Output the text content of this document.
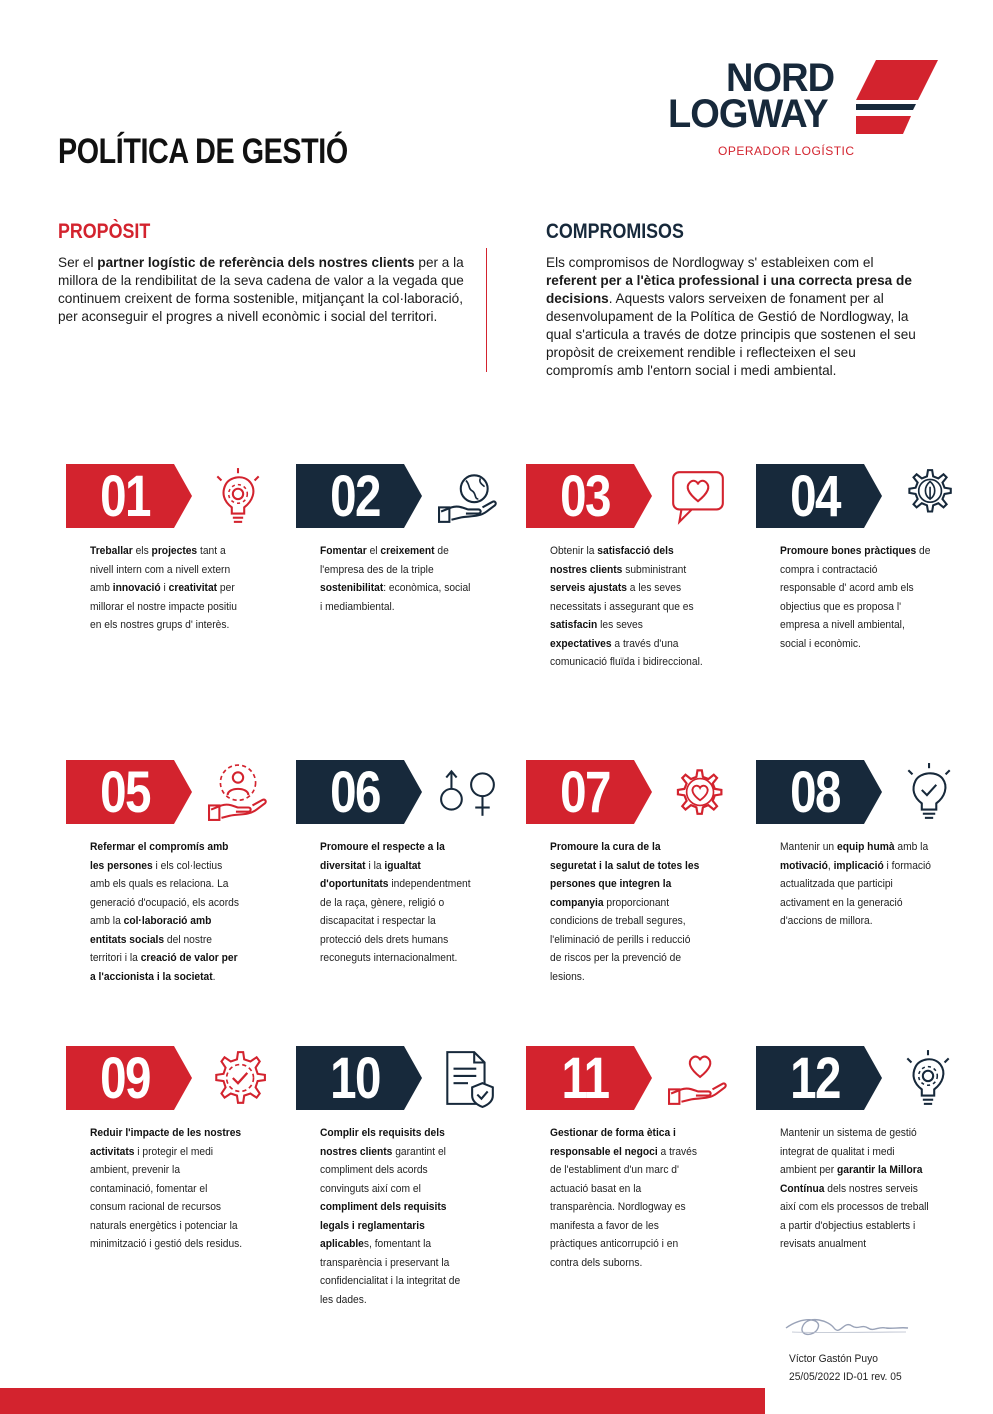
NORD
LOGWAY
OPERADOR LOGÍSTIC
POLÍTICA DE GESTIÓ
PROPÒSIT

Ser el partner logístic de referència dels nostres clients per a la millora de la rendibilitat de la seva cadena de valor a la vegada que continuem creixent de forma sostenible, mitjançant la col·laboració, per aconseguir el progres a nivell econòmic i social del territori.

COMPROMISOS

Els compromisos de Nordlogway s' estableixen com el referent per a l'ètica professional i una correcta presa de decisions. Aquests valors serveixen de fonament per al desenvolupament de la Política de Gestió de Nordlogway, la qual s'articula a través de dotze principis que sostenen el seu propòsit de creixement rendible i reflecteixen el seu compromís amb l'entorn social i medi ambiental.

01
Treballar els projectes tant a nivell intern com a nivell extern amb innovació i creativitat per millorar el nostre impacte positiu en els nostres grups d' interès.
02
Fomentar el creixement de l'empresa des de la triple sostenibilitat: econòmica, social i mediambiental.
03
Obtenir la satisfacció dels nostres clients subministrant serveis ajustats a les seves necessitats i assegurant que es satisfacin les seves expectatives a través d'una comunicació fluïda i bidireccional.
04
Promoure bones pràctiques de compra i contractació responsable d' acord amb els objectius que es proposa l' empresa a nivell ambiental, social i econòmic.
05
Refermar el compromís amb les persones i els col·lectius amb els quals es relaciona. La generació d'ocupació, els acords amb la col·laboració amb entitats socials del nostre territori i la creació de valor per a l'accionista i la societat.
06
Promoure el respecte a la diversitat i la igualtat d'oportunitats independentment de la raça, gènere, religió o discapacitat i respectar la protecció dels drets humans reconeguts internacionalment.
07
Promoure la cura de la seguretat i la salut de totes les persones que integren la companyia proporcionant condicions de treball segures, l'eliminació de perills i reducció de riscos per la prevenció de lesions.
08
Mantenir un equip humà amb la motivació, implicació i formació actualitzada que participi activament en la generació d'accions de millora.
09
Reduir l'impacte de les nostres activitats i protegir el medi ambient, prevenir la contaminació, fomentar el consum racional de recursos naturals energètics i potenciar la minimització i gestió dels residus.
10
Complir els requisits dels nostres clients garantint el compliment dels acords convinguts així com el compliment dels requisits legals i reglamentaris aplicables, fomentant la transparència i preservant la confidencialitat i la integritat de les dades.
11
Gestionar de forma ètica i responsable el negoci a través de l'establiment d'un marc d' actuació basat en la transparència. Nordlogway es manifesta a favor de les pràctiques anticorrupció i en contra dels suborns.
12
Mantenir un sistema de gestió integrat de qualitat i medi ambient per garantir la Millora Contínua dels nostres serveis així com els processos de treball a partir d'objectius establerts i revisats anualment
Víctor Gastón Puyo
25/05/2022 ID-01 rev. 05
